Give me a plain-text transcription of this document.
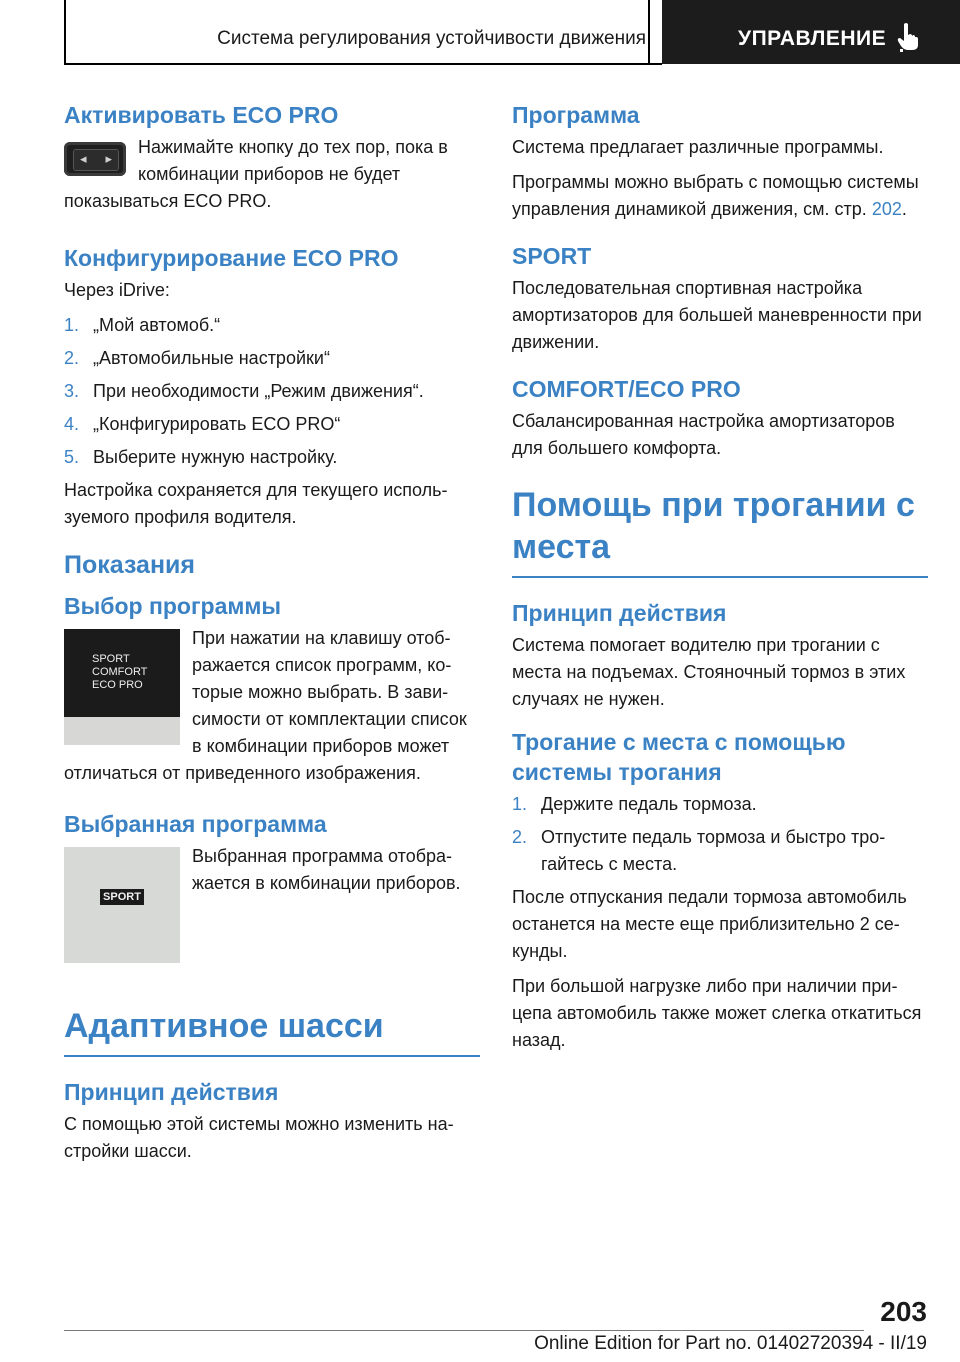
Система регулирования устойчивости движения	УПРАВЛЕНИЕ
Активировать ECO PRO
◂ ▸

Нажимайте кнопку до тех пор, пока в комбинации приборов не будет показываться ECO PRO.

Конфигурирование ECO PRO

Через iDrive:

1. „Мой автомоб.“
2. „Автомобильные настройки“
3. При необходимости „Режим движения“.
4. „Конфигурировать ECO PRO“
5. Выберите нужную настройку.

Настройка сохраняется для текущего используемого профиля водителя.

Показания
Выбор программы
SPORT
COMFORT
ECO PRO

При нажатии на клавишу отображается список программ, которые можно выбрать. В зависимости от комплектации список в комбинации приборов может отличаться от приведенного изображения.

Выбранная программа
SPORT

Выбранная программа отображается в комбинации приборов.

Адаптивное шасси
Принцип действия

С помощью этой системы можно изменить настройки шасси.

Программа

Система предлагает различные программы.

Программы можно выбрать с помощью системы управления динамикой движения, см. стр. 202.

SPORT

Последовательная спортивная настройка амортизаторов для большей маневренности при движении.

COMFORT/ECO PRO

Сбалансированная настройка амортизаторов для большего комфорта.

Помощь при трогании с места
Принцип действия

Система помогает водителю при трогании с места на подъемах. Стояночный тормоз в этих случаях не нужен.

Трогание с места с помощью системы трогания
1. Держите педаль тормоза.
2. Отпустите педаль тормоза и быстро трогайтесь с места.

После отпускания педали тормоза автомобиль останется на месте еще приблизительно 2 секунды.

При большой нагрузке либо при наличии прицепа автомобиль также может слегка откатиться назад.

203
Online Edition for Part no. 01402720394 - II/19
